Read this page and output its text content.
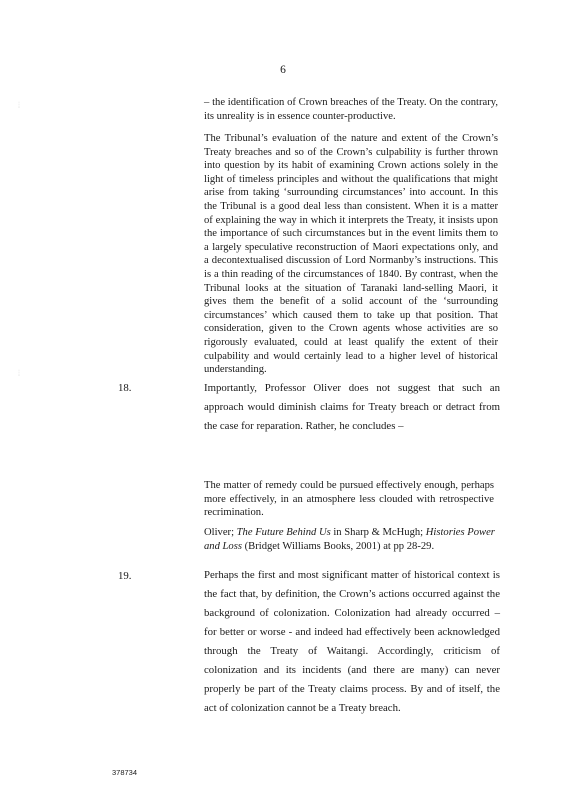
6
⦙
⦙
– the identification of Crown breaches of the Treaty. On the contrary, its unreality is in essence counter-productive.
The Tribunal’s evaluation of the nature and extent of the Crown’s Treaty breaches and so of the Crown’s culpability is further thrown into question by its habit of examining Crown actions solely in the light of timeless principles and without the qualifications that might arise from taking ‘surrounding circumstances’ into account. In this the Tribunal is a good deal less than consistent. When it is a matter of explaining the way in which it interprets the Treaty, it insists upon the importance of such circumstances but in the event limits them to a largely speculative reconstruction of Maori expectations only, and a decontextualised discussion of Lord Normanby’s instructions. This is a thin reading of the circumstances of 1840. By contrast, when the Tribunal looks at the situation of Taranaki land-selling Maori, it gives them the benefit of a solid account of the ‘surrounding circumstances’ which caused them to take up that position. That consideration, given to the Crown agents whose activities are so rigorously evaluated, could at least qualify the extent of their culpability and would certainly lead to a higher level of historical understanding.
18.	Importantly, Professor Oliver does not suggest that such an approach would diminish claims for Treaty breach or detract from the case for reparation. Rather, he concludes –
The matter of remedy could be pursued effectively enough, perhaps more effectively, in an atmosphere less clouded with retrospective recrimination.
Oliver; The Future Behind Us in Sharp & McHugh; Histories Power and Loss (Bridget Williams Books, 2001) at pp 28-29.
19.	Perhaps the first and most significant matter of historical context is the fact that, by definition, the Crown’s actions occurred against the background of colonization. Colonization had already occurred – for better or worse - and indeed had effectively been acknowledged through the Treaty of Waitangi. Accordingly, criticism of colonization and its incidents (and there are many) can never properly be part of the Treaty claims process. By and of itself, the act of colonization cannot be a Treaty breach.
378734
